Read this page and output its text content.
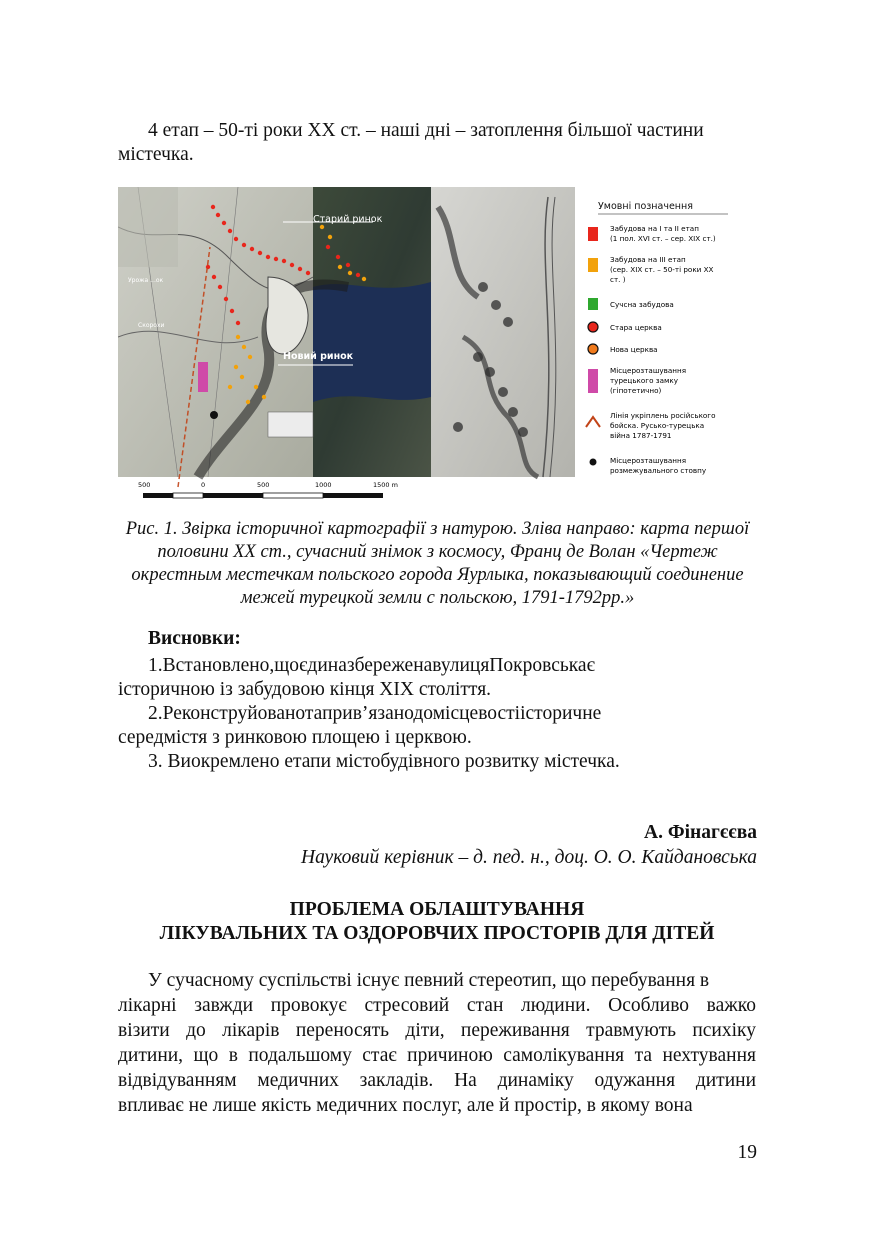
4 етап – 50-ті роки ХХ ст. – наші дні – затоплення більшої частини
містечка.
Старий ринок
Новий ринок
Урожа ...ок
Скорохи
Умовні позначення
Забудова на І та ІІ етап
(1 пол. XVI ст. – сер. XIX ст.)
Забудова на ІІІ етап
(сер. XIX ст. – 50-ті роки ХХ
ст. )
Сучсна забудова
Стара церква
Нова церква
Місцерозташування
турецького замку
(гіпотетично)
Лінія укріплень російського
бойска. Русько-турецька
війна 1787-1791
Місцерозташування
розмежувального стовпу
500	0	500	1000	1500 m
Рис. 1. Звірка історичної картографії з натурою. Зліва направо: карта першої
половини ХХ ст., сучасний знімок з космосу, Франц де Волан «Чертеж
окрестным местечкам польского города Яурлыка, показывающий соединение
межей турецкой земли с польскою, 1791-1792рр.»
Висновки:
1.Встановлено,щоєдиназбереженавулицяПокровськає
історичною із забудовою кінця ХІХ століття.
2.Реконструйованотаприв’язанодомісцевостіісторичне
середмістя з ринковою площею і церквою.
3. Виокремлено етапи містобудівного розвитку містечка.
А. Фінагєєва
Науковий керівник – д. пед. н., доц. О. О. Кайдановська
ПРОБЛЕМА ОБЛАШТУВАННЯ
ЛІКУВАЛЬНИХ ТА ОЗДОРОВЧИХ ПРОСТОРІВ ДЛЯ ДІТЕЙ
У сучасному суспільстві існує певний стереотип, що перебування в
лікарні завжди провокує стресовий стан людини. Особливо важко
візити до лікарів переносять діти, переживання травмують психіку
дитини, що в подальшому стає причиною самолікування та нехтування
відвідуванням медичних закладів. На динаміку одужання дитини
впливає не лише якість медичних послуг, але й простір, в якому вона
19
